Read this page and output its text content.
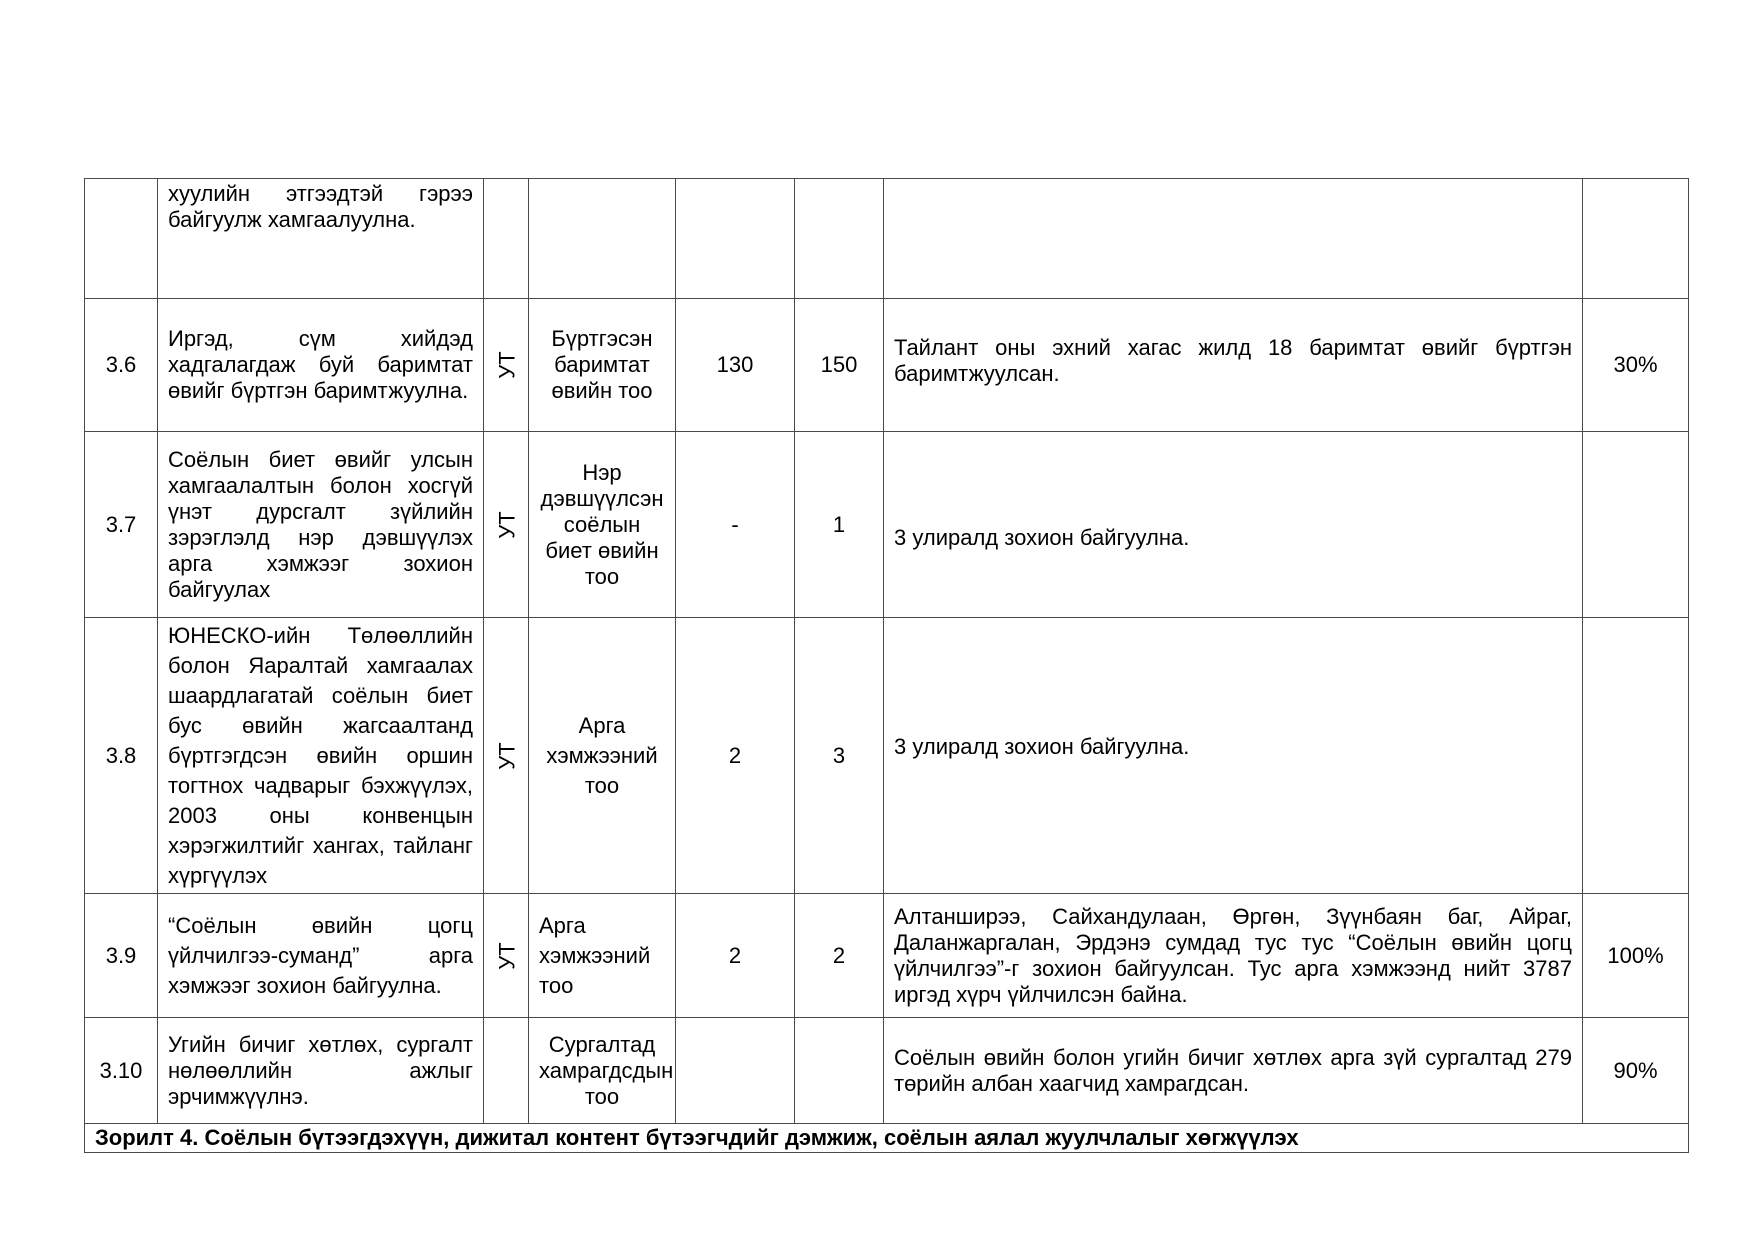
	хуулийн этгээдтэй гэрээ байгуулж хамгаалуулна.						
3.6	Иргэд, сүм хийдэд хадгалагдаж буй баримтат өвийг бүртгэн баримтжуулна.	УТ	Бүртгэсэн баримтат өвийн тоо	130	150	Тайлант оны эхний хагас жилд 18 баримтат өвийг бүртгэн баримтжуулсан.	30%
3.7	Соёлын биет өвийг улсын хамгаалалтын болон хосгүй үнэт дурсгалт зүйлийн зэрэглэлд нэр дэвшүүлэх арга хэмжээг зохион байгуулах	УТ	Нэр дэвшүүлсэн соёлын биет өвийн тоо	-	1	3 улиралд зохион байгуулна.	
3.8	ЮНЕСКО-ийн Төлөөллийн болон Яаралтай хамгаалах шаардлагатай соёлын биет бус өвийн жагсаалтанд бүртгэгдсэн өвийн оршин тогтнох чадварыг бэхжүүлэх, 2003 оны конвенцын хэрэгжилтийг хангах, тайланг хүргүүлэх	УТ	Арга хэмжээний тоо	2	3	3 улиралд зохион байгуулна.	
3.9	“Соёлын өвийн цогц үйлчилгээ-суманд” арга хэмжээг зохион байгуулна.	УТ	Арга хэмжээний тоо	2	2	Алтанширээ, Сайхандулаан, Өргөн, Зүүнбаян баг, Айраг, Даланжаргалан, Эрдэнэ сумдад тус тус “Соёлын өвийн цогц үйлчилгээ”-г зохион байгуулсан. Тус арга хэмжээнд нийт 3787 иргэд хүрч үйлчилсэн байна.	100%
3.10	Угийн бичиг хөтлөх, сургалт нөлөөллийн ажлыг эрчимжүүлнэ.		Сургалтад хамрагдсдын тоо			Соёлын өвийн болон угийн бичиг хөтлөх арга зүй сургалтад 279 төрийн албан хаагчид хамрагдсан.	90%
Зорилт 4. Соёлын бүтээгдэхүүн, дижитал контент бүтээгчдийг дэмжиж, соёлын аялал жуулчлалыг хөгжүүлэх							
